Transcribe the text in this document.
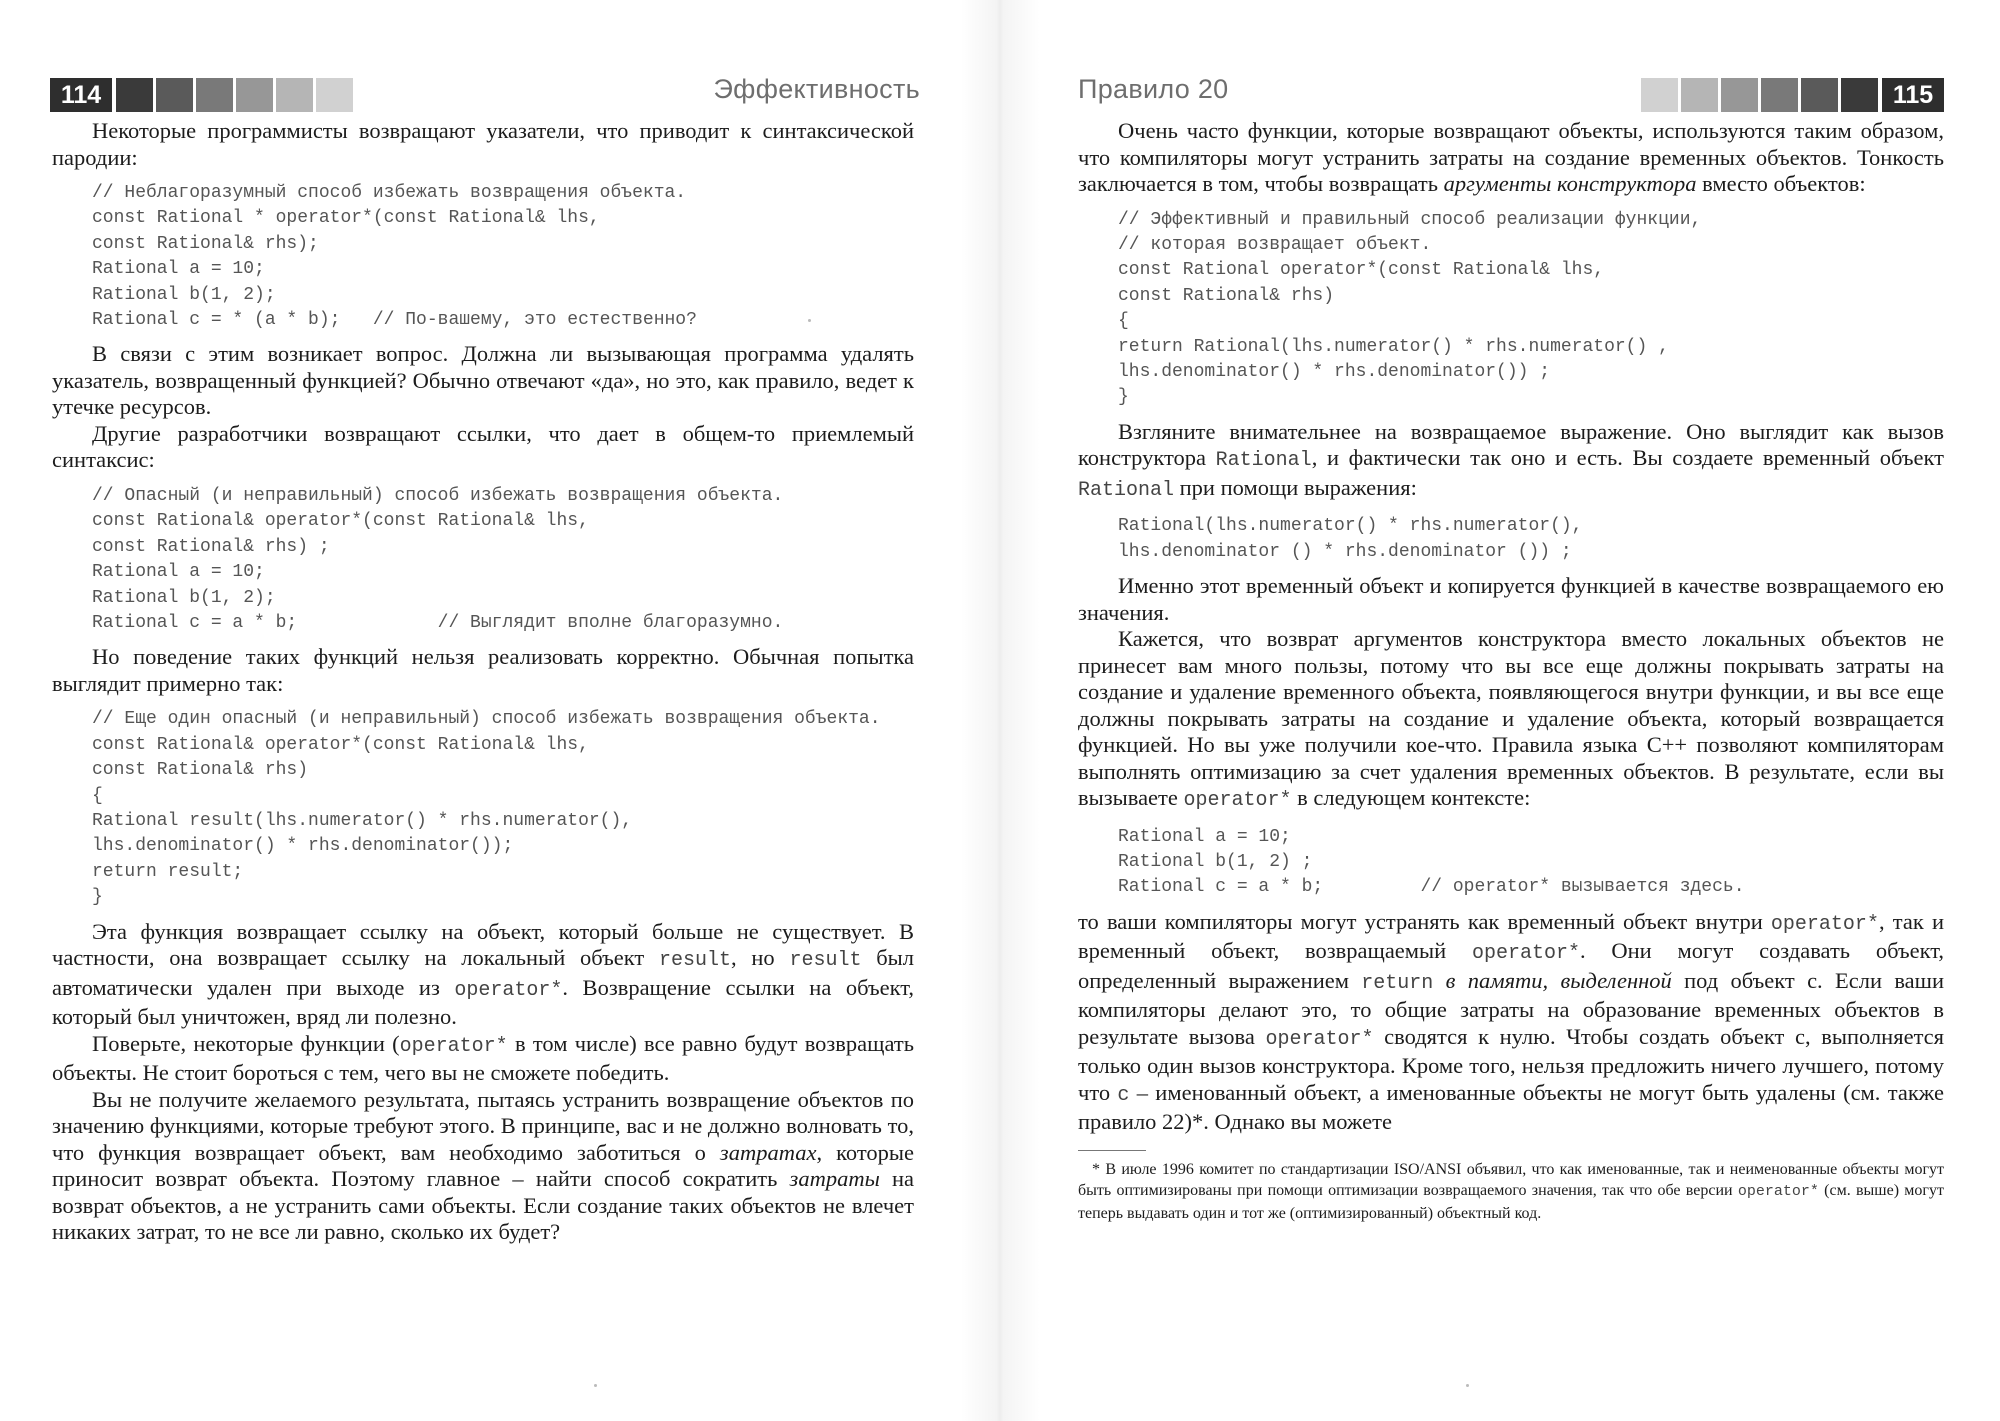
114	Эффективность

Некоторые программисты возвращают указатели, что приводит к синтаксической пародии:

// Неблагоразумный способ избежать возвращения объекта.
const Rational * operator*(const Rational& lhs,
const Rational& rhs);
Rational a = 10;
Rational b(1, 2);
Rational c = * (a * b);   // По-вашему, это естественно?

В связи с этим возникает вопрос. Должна ли вызывающая программа удалять указатель, возвращенный функцией? Обычно отвечают «да», но это, как правило, ведет к утечке ресурсов.

Другие разработчики возвращают ссылки, что дает в общем-то приемлемый синтаксис:

// Опасный (и неправильный) способ избежать возвращения объекта.
const Rational& operator*(const Rational& lhs,
const Rational& rhs) ;
Rational a = 10;
Rational b(1, 2);
Rational c = a * b;             // Выглядит вполне благоразумно.

Но поведение таких функций нельзя реализовать корректно. Обычная попытка выглядит примерно так:

// Еще один опасный (и неправильный) способ избежать возвращения объекта.
const Rational& operator*(const Rational& lhs,
const Rational& rhs)
{
Rational result(lhs.numerator() * rhs.numerator(),
lhs.denominator() * rhs.denominator());
return result;
}

Эта функция возвращает ссылку на объект, который больше не существует. В частности, она возвращает ссылку на локальный объект result, но result был автоматически удален при выходе из operator*. Возвращение ссылки на объект, который был уничтожен, вряд ли полезно.

Поверьте, некоторые функции (operator* в том числе) все равно будут возвращать объекты. Не стоит бороться с тем, чего вы не сможете победить.

Вы не получите желаемого результата, пытаясь устранить возвращение объектов по значению функциями, которые требуют этого. В принципе, вас и не должно волновать то, что функция возвращает объект, вам необходимо заботиться о затратах, которые приносит возврат объекта. Поэтому главное – найти способ сократить затраты на возврат объектов, а не устранить сами объекты. Если создание таких объектов не влечет никаких затрат, то не все ли равно, сколько их будет?

Правило 20	115

Очень часто функции, которые возвращают объекты, используются таким образом, что компиляторы могут устранить затраты на создание временных объектов. Тонкость заключается в том, чтобы возвращать аргументы конструктора вместо объектов:

// Эффективный и правильный способ реализации функции,
// которая возвращает объект.
const Rational operator*(const Rational& lhs,
const Rational& rhs)
{
return Rational(lhs.numerator() * rhs.numerator() ,
lhs.denominator() * rhs.denominator()) ;
}

Взгляните внимательнее на возвращаемое выражение. Оно выглядит как вызов конструктора Rational, и фактически так оно и есть. Вы создаете временный объект Rational при помощи выражения:

Rational(lhs.numerator() * rhs.numerator(),
lhs.denominator () * rhs.denominator ()) ;

Именно этот временный объект и копируется функцией в качестве возвращаемого ею значения.

Кажется, что возврат аргументов конструктора вместо локальных объектов не принесет вам много пользы, потому что вы все еще должны покрывать затраты на создание и удаление временного объекта, появляющегося внутри функции, и вы все еще должны покрывать затраты на создание и удаление объекта, который возвращается функцией. Но вы уже получили кое-что. Правила языка C++ позволяют компиляторам выполнять оптимизацию за счет удаления временных объектов. В результате, если вы вызываете operator* в следующем контексте:

Rational a = 10;
Rational b(1, 2) ;
Rational c = a * b;         // operator* вызывается здесь.

то ваши компиляторы могут устранять как временный объект внутри operator*, так и временный объект, возвращаемый operator*. Они могут создавать объект, определенный выражением return в памяти, выделенной под объект c. Если ваши компиляторы делают это, то общие затраты на образование временных объектов в результате вызова operator* сводятся к нулю. Чтобы создать объект c, выполняется только один вызов конструктора. Кроме того, нельзя предложить ничего лучшего, потому что c – именованный объект, а именованные объекты не могут быть удалены (см. также правило 22)*. Однако вы можете

* В июле 1996 комитет по стандартизации ISO/ANSI объявил, что как именованные, так и неименованные объекты могут быть оптимизированы при помощи оптимизации возвращаемого значения, так что обе версии operator* (см. выше) могут теперь выдавать один и тот же (оптимизированный) объектный код.
